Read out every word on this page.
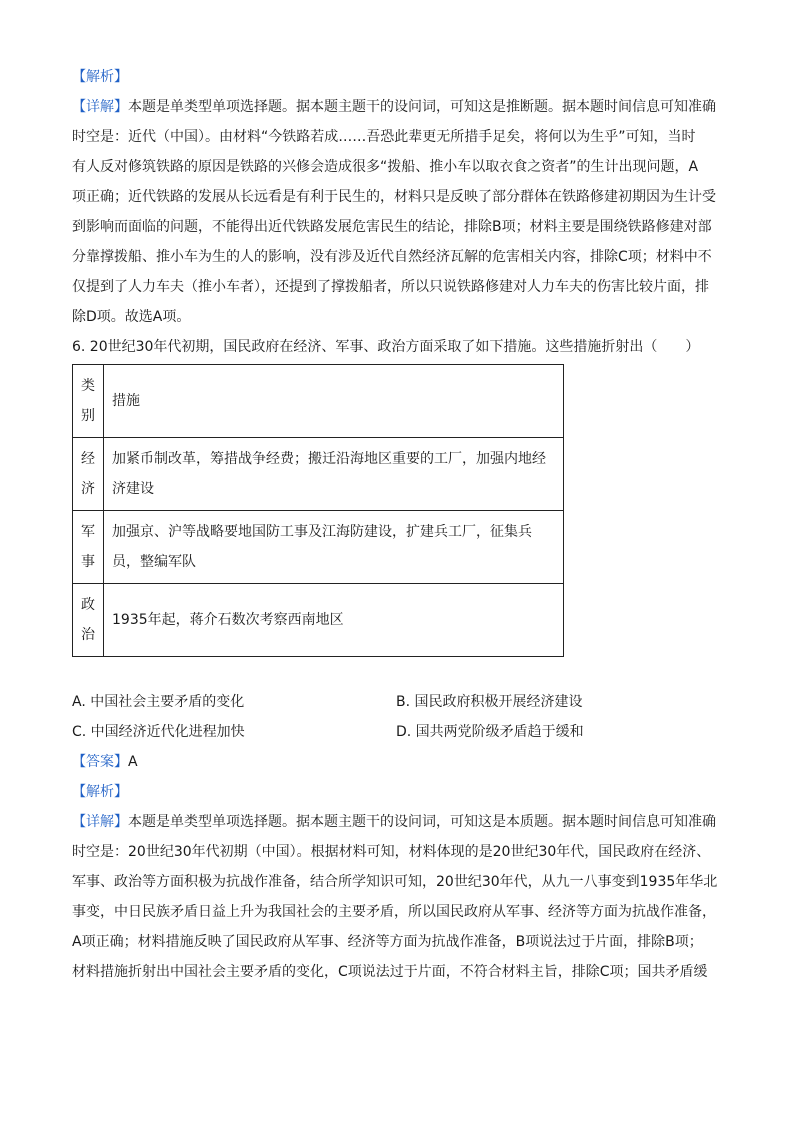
【解析】
【详解】本题是单类型单项选择题。据本题主题干的设问词，可知这是推断题。据本题时间信息可知准确
时空是：近代（中国）。由材料“今铁路若成……吾恐此辈更无所措手足矣，将何以为生乎”可知，当时
有人反对修筑铁路的原因是铁路的兴修会造成很多“拨船、推小车以取衣食之资者”的生计出现问题，A
项正确；近代铁路的发展从长远看是有利于民生的，材料只是反映了部分群体在铁路修建初期因为生计受
到影响而面临的问题，不能得出近代铁路发展危害民生的结论，排除B项；材料主要是围绕铁路修建对部
分靠撑拨船、推小车为生的人的影响，没有涉及近代自然经济瓦解的危害相关内容，排除C项；材料中不
仅提到了人力车夫（推小车者），还提到了撑拨船者，所以只说铁路修建对人力车夫的伤害比较片面，排
除D项。故选A项。
6. 20世纪30年代初期，国民政府在经济、军事、政治方面采取了如下措施。这些措施折射出（　　）
类
别	措施

经
济	加紧币制改革，筹措战争经费；搬迁沿海地区重要的工厂，加强内地经
济建设

军
事	加强京、沪等战略要地国防工事及江海防建设，扩建兵工厂，征集兵
员，整编军队

政
治	1935年起，蒋介石数次考察西南地区
A. 中国社会主要矛盾的变化	B. 国民政府积极开展经济建设
C. 中国经济近代化进程加快	D. 国共两党阶级矛盾趋于缓和
【答案】A
【解析】
【详解】本题是单类型单项选择题。据本题主题干的设问词，可知这是本质题。据本题时间信息可知准确
时空是：20世纪30年代初期（中国）。根据材料可知，材料体现的是20世纪30年代，国民政府在经济、
军事、政治等方面积极为抗战作准备，结合所学知识可知，20世纪30年代，从九一八事变到1935年华北
事变，中日民族矛盾日益上升为我国社会的主要矛盾，所以国民政府从军事、经济等方面为抗战作准备，
A项正确；材料措施反映了国民政府从军事、经济等方面为抗战作准备，B项说法过于片面，排除B项；
材料措施折射出中国社会主要矛盾的变化，C项说法过于片面，不符合材料主旨，排除C项；国共矛盾缓
